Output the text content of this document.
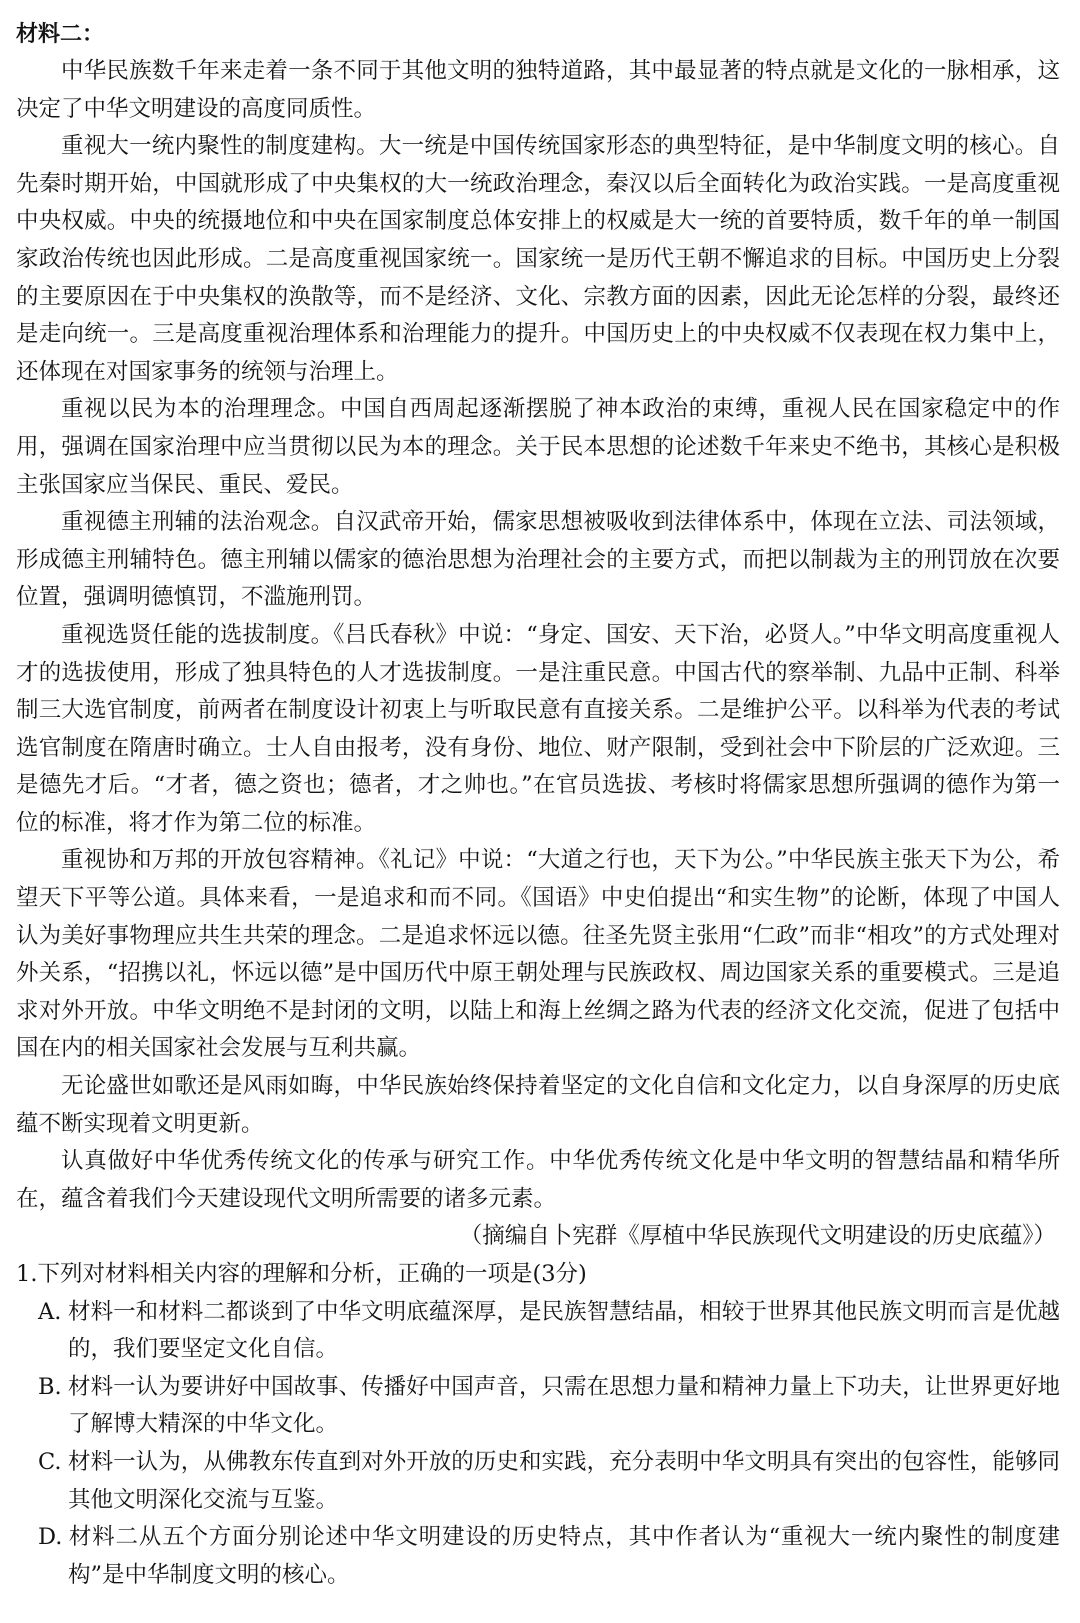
材料二：

中华民族数千年来走着一条不同于其他文明的独特道路，其中最显著的特点就是文化的一脉相承，这决定了中华文明建设的高度同质性。

重视大一统内聚性的制度建构。大一统是中国传统国家形态的典型特征，是中华制度文明的核心。自先秦时期开始，中国就形成了中央集权的大一统政治理念，秦汉以后全面转化为政治实践。一是高度重视中央权威。中央的统摄地位和中央在国家制度总体安排上的权威是大一统的首要特质，数千年的单一制国家政治传统也因此形成。二是高度重视国家统一。国家统一是历代王朝不懈追求的目标。中国历史上分裂的主要原因在于中央集权的涣散等，而不是经济、文化、宗教方面的因素，因此无论怎样的分裂，最终还是走向统一。三是高度重视治理体系和治理能力的提升。中国历史上的中央权威不仅表现在权力集中上，还体现在对国家事务的统领与治理上。

重视以民为本的治理理念。中国自西周起逐渐摆脱了神本政治的束缚，重视人民在国家稳定中的作用，强调在国家治理中应当贯彻以民为本的理念。关于民本思想的论述数千年来史不绝书，其核心是积极主张国家应当保民、重民、爱民。

重视德主刑辅的法治观念。自汉武帝开始，儒家思想被吸收到法律体系中，体现在立法、司法领域，形成德主刑辅特色。德主刑辅以儒家的德治思想为治理社会的主要方式，而把以制裁为主的刑罚放在次要位置，强调明德慎罚，不滥施刑罚。

重视选贤任能的选拔制度。《吕氏春秋》中说：“身定、国安、天下治，必贤人。”中华文明高度重视人才的选拔使用，形成了独具特色的人才选拔制度。一是注重民意。中国古代的察举制、九品中正制、科举制三大选官制度，前两者在制度设计初衷上与听取民意有直接关系。二是维护公平。以科举为代表的考试选官制度在隋唐时确立。士人自由报考，没有身份、地位、财产限制，受到社会中下阶层的广泛欢迎。三是德先才后。“才者，德之资也；德者，才之帅也。”在官员选拔、考核时将儒家思想所强调的德作为第一位的标准，将才作为第二位的标准。

重视协和万邦的开放包容精神。《礼记》中说：“大道之行也，天下为公。”中华民族主张天下为公，希望天下平等公道。具体来看，一是追求和而不同。《国语》中史伯提出“和实生物”的论断，体现了中国人认为美好事物理应共生共荣的理念。二是追求怀远以德。往圣先贤主张用“仁政”而非“相攻”的方式处理对外关系，“招携以礼，怀远以德”是中国历代中原王朝处理与民族政权、周边国家关系的重要模式。三是追求对外开放。中华文明绝不是封闭的文明，以陆上和海上丝绸之路为代表的经济文化交流，促进了包括中国在内的相关国家社会发展与互利共赢。

无论盛世如歌还是风雨如晦，中华民族始终保持着坚定的文化自信和文化定力，以自身深厚的历史底蕴不断实现着文明更新。

认真做好中华优秀传统文化的传承与研究工作。中华优秀传统文化是中华文明的智慧结晶和精华所在，蕴含着我们今天建设现代文明所需要的诸多元素。

（摘编自卜宪群《厚植中华民族现代文明建设的历史底蕴》）

1.下列对材料相关内容的理解和分析，正确的一项是(3分)

A. 材料一和材料二都谈到了中华文明底蕴深厚，是民族智慧结晶，相较于世界其他民族文明而言是优越的，我们要坚定文化自信。

B. 材料一认为要讲好中国故事、传播好中国声音，只需在思想力量和精神力量上下功夫，让世界更好地了解博大精深的中华文化。

C. 材料一认为，从佛教东传直到对外开放的历史和实践，充分表明中华文明具有突出的包容性，能够同其他文明深化交流与互鉴。

D. 材料二从五个方面分别论述中华文明建设的历史特点，其中作者认为“重视大一统内聚性的制度建构”是中华制度文明的核心。
